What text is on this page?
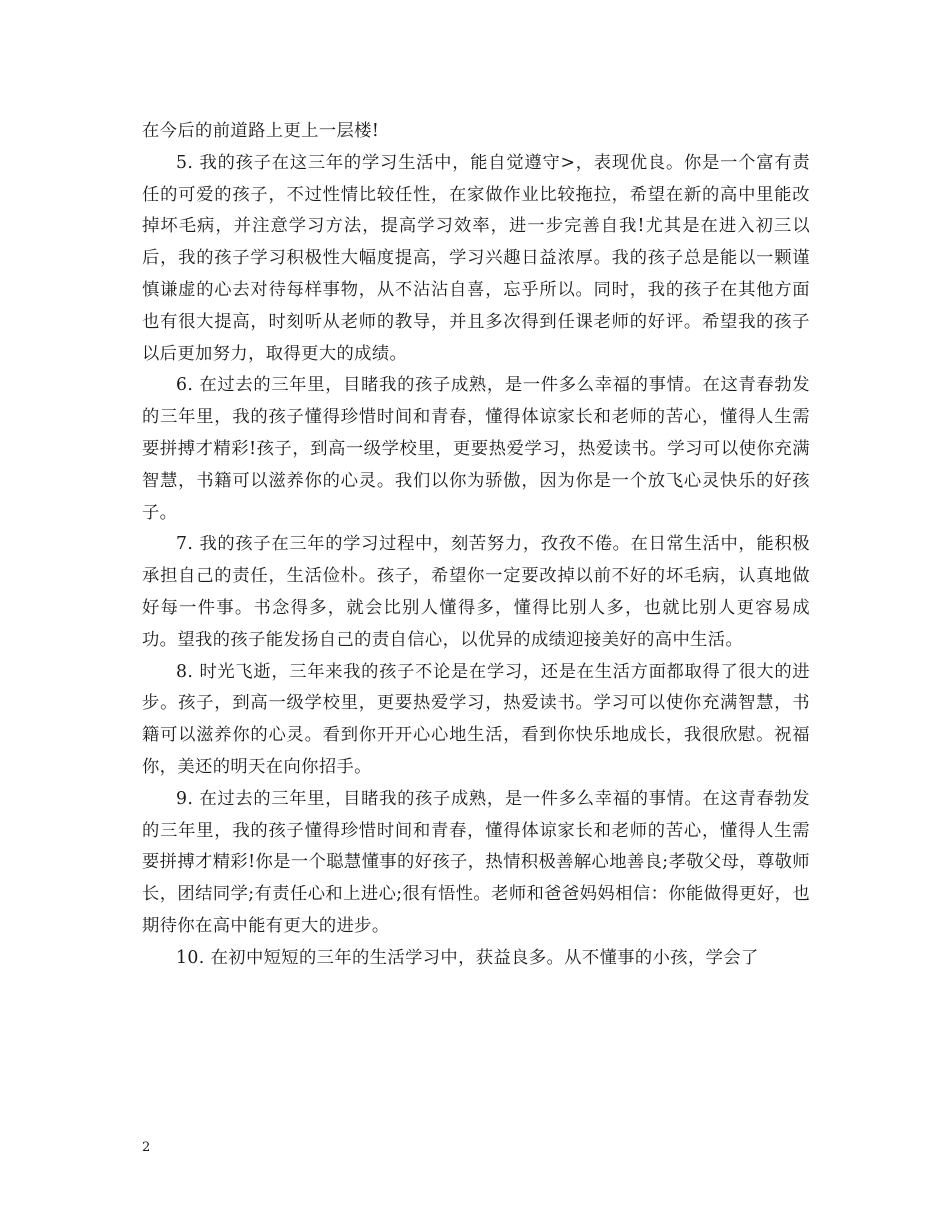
在今后的前道路上更上一层楼!

5. 我的孩子在这三年的学习生活中，能自觉遵守>，表现优良。你是一个富有责任的可爱的孩子，不过性情比较任性，在家做作业比较拖拉，希望在新的高中里能改掉坏毛病，并注意学习方法，提高学习效率，进一步完善自我!尤其是在进入初三以后，我的孩子学习积极性大幅度提高，学习兴趣日益浓厚。我的孩子总是能以一颗谨慎谦虚的心去对待每样事物，从不沾沾自喜，忘乎所以。同时，我的孩子在其他方面也有很大提高，时刻听从老师的教导，并且多次得到任课老师的好评。希望我的孩子以后更加努力，取得更大的成绩。

6. 在过去的三年里，目睹我的孩子成熟，是一件多么幸福的事情。在这青春勃发的三年里，我的孩子懂得珍惜时间和青春，懂得体谅家长和老师的苦心，懂得人生需要拼搏才精彩!孩子，到高一级学校里，更要热爱学习，热爱读书。学习可以使你充满智慧，书籍可以滋养你的心灵。我们以你为骄傲，因为你是一个放飞心灵快乐的好孩子。

7. 我的孩子在三年的学习过程中，刻苦努力，孜孜不倦。在日常生活中，能积极承担自己的责任，生活俭朴。孩子，希望你一定要改掉以前不好的坏毛病，认真地做好每一件事。书念得多，就会比别人懂得多，懂得比别人多，也就比别人更容易成功。望我的孩子能发扬自己的责自信心，以优异的成绩迎接美好的高中生活。

8. 时光飞逝，三年来我的孩子不论是在学习，还是在生活方面都取得了很大的进步。孩子，到高一级学校里，更要热爱学习，热爱读书。学习可以使你充满智慧，书籍可以滋养你的心灵。看到你开开心心地生活，看到你快乐地成长，我很欣慰。祝福你，美还的明天在向你招手。

9. 在过去的三年里，目睹我的孩子成熟，是一件多么幸福的事情。在这青春勃发的三年里，我的孩子懂得珍惜时间和青春，懂得体谅家长和老师的苦心，懂得人生需要拼搏才精彩!你是一个聪慧懂事的好孩子，热情积极善解心地善良;孝敬父母，尊敬师长，团结同学;有责任心和上进心;很有悟性。老师和爸爸妈妈相信：你能做得更好，也期待你在高中能有更大的进步。

10. 在初中短短的三年的生活学习中，获益良多。从不懂事的小孩，学会了

2
